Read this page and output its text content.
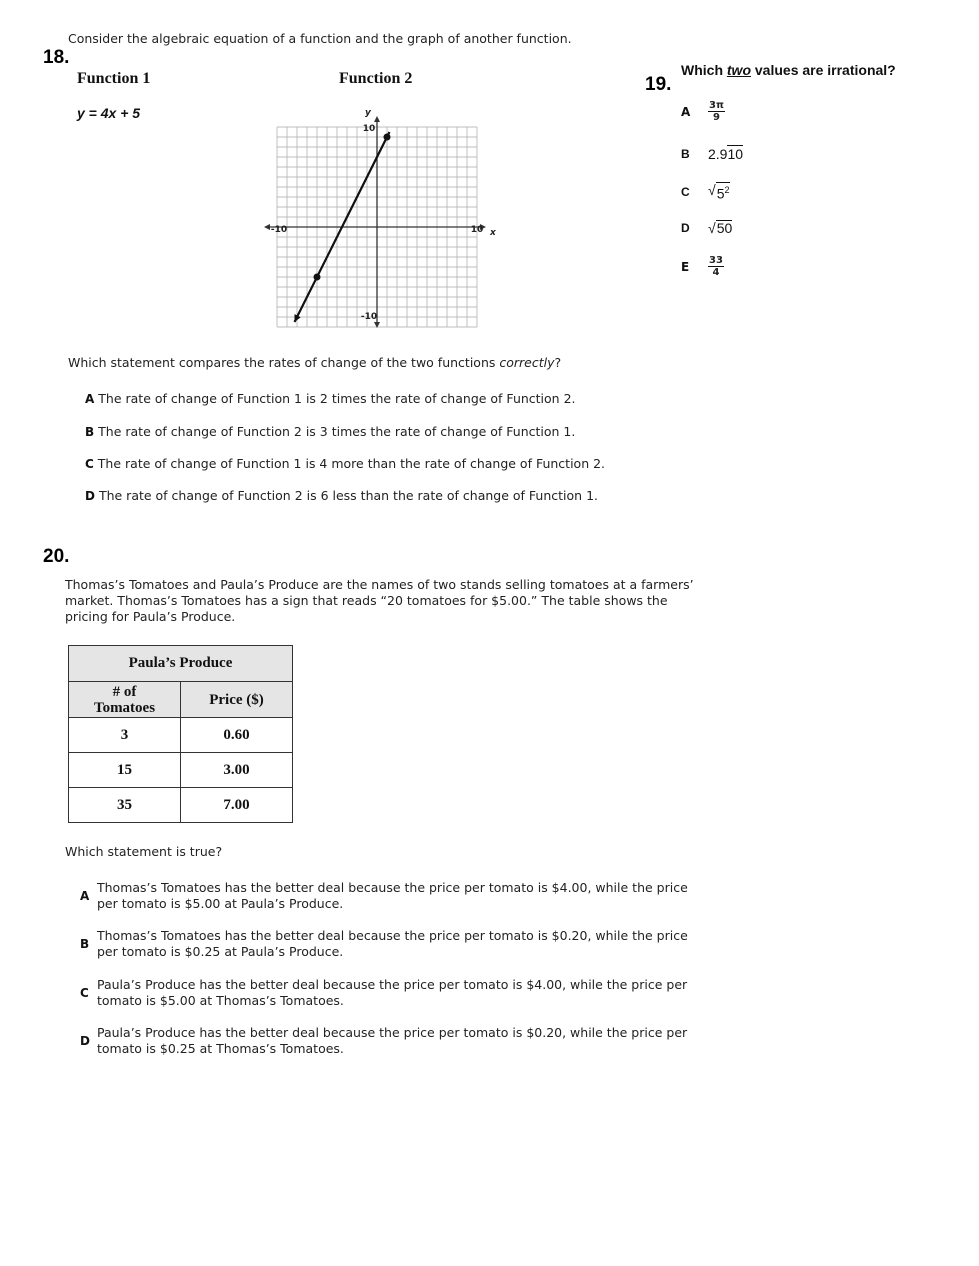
Consider the algebraic equation of a function and the graph of another function.
18.
Function 1	Function 2
y = 4x + 5
-10	10 x
10
-10
y
Which statement compares the rates of change of the two functions correctly?
A The rate of change of Function 1 is 2 times the rate of change of Function 2.
B The rate of change of Function 2 is 3 times the rate of change of Function 1.
C The rate of change of Function 1 is 4 more than the rate of change of Function 2.
D The rate of change of Function 2 is 6 less than the rate of change of Function 1.
Which two values are irrational?
19.
A	$\frac{3\pi}{9}$
B	2.9 10
C	√ $5^2$
D	√ 50
E	$\frac{33}{4}$
20.
Thomas’s Tomatoes and Paula’s Produce are the names of two stands selling tomatoes at a farmers’
market. Thomas’s Tomatoes has a sign that reads “20 tomatoes for $5.00.” The table shows the
pricing for Paula’s Produce.
Paula’s Produce	

# of
Tomatoes	Price ($)
3	0.60
15	3.00
35	7.00
Which statement is true?
A
Thomas’s Tomatoes has the better deal because the price per tomato is $4.00, while the price
per tomato is $5.00 at Paula’s Produce.
B
Thomas’s Tomatoes has the better deal because the price per tomato is $0.20, while the price
per tomato is $0.25 at Paula’s Produce.
C
Paula’s Produce has the better deal because the price per tomato is $4.00, while the price per
tomato is $5.00 at Thomas’s Tomatoes.
D
Paula’s Produce has the better deal because the price per tomato is $0.20, while the price per
tomato is $0.25 at Thomas’s Tomatoes.
